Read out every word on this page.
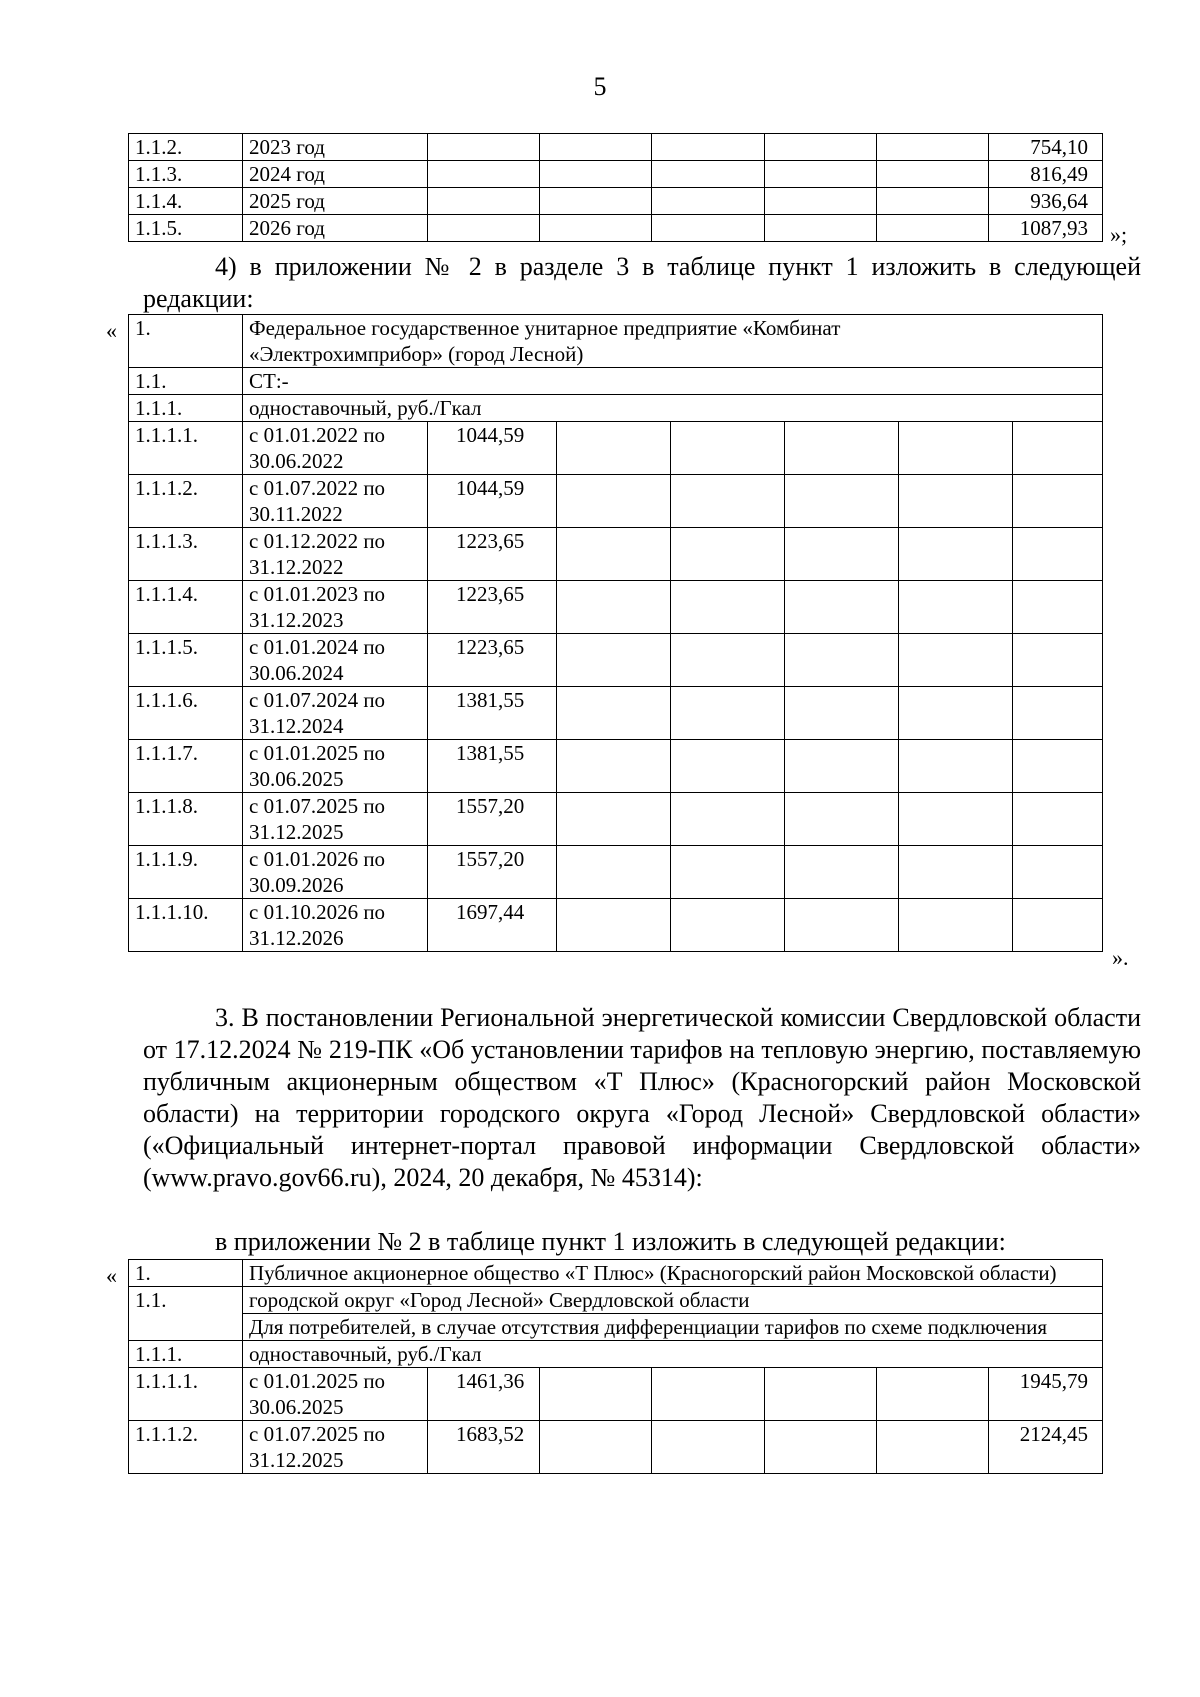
5
1.1.2.	2023 год						754,10
1.1.3.	2024 год						816,49
1.1.4.	2025 год						936,64
1.1.5.	2026 год						1087,93 »;
4) в приложении № 2 в разделе 3 в таблице пункт 1 изложить в следующей
редакции:
« 1.	Федеральное государственное унитарное предприятие «Комбинат «Электрохимприбор» (город Лесной)						
1.1.	СТ:-						
1.1.1.	одноставочный, руб./Гкал						
1.1.1.1.	с 01.01.2022 по 30.06.2022	1044,59					
1.1.1.2.	с 01.07.2022 по 30.11.2022	1044,59					
1.1.1.3.	с 01.12.2022 по 31.12.2022	1223,65					
1.1.1.4.	с 01.01.2023 по 31.12.2023	1223,65					
1.1.1.5.	с 01.01.2024 по 30.06.2024	1223,65					
1.1.1.6.	с 01.07.2024 по 31.12.2024	1381,55					
1.1.1.7.	с 01.01.2025 по 30.06.2025	1381,55					
1.1.1.8.	с 01.07.2025 по 31.12.2025	1557,20					
1.1.1.9.	с 01.01.2026 по 30.09.2026	1557,20					
1.1.1.10.	с 01.10.2026 по 31.12.2026	1697,44					
».
3. В постановлении Региональной энергетической комиссии Свердловской области от 17.12.2024 № 219-ПК «Об установлении тарифов на тепловую энергию, поставляемую публичным акционерным обществом «Т Плюс» (Красногорский район Московской области) на территории городского округа «Город Лесной» Свердловской области» («Официальный интернет-портал правовой информации Свердловской области» (www.pravo.gov66.ru), 2024, 20 декабря, № 45314):
в приложении № 2 в таблице пункт 1 изложить в следующей редакции:
« 1.	Публичное акционерное общество «Т Плюс» (Красногорский район Московской области)						
1.1.	городской округ «Город Лесной» Свердловской области						
	Для потребителей, в случае отсутствия дифференциации тарифов по схеме подключения						
1.1.1.	одноставочный, руб./Гкал						
1.1.1.1.	с 01.01.2025 по 30.06.2025	1461,36					1945,79
1.1.1.2.	с 01.07.2025 по 31.12.2025	1683,52					2124,45
